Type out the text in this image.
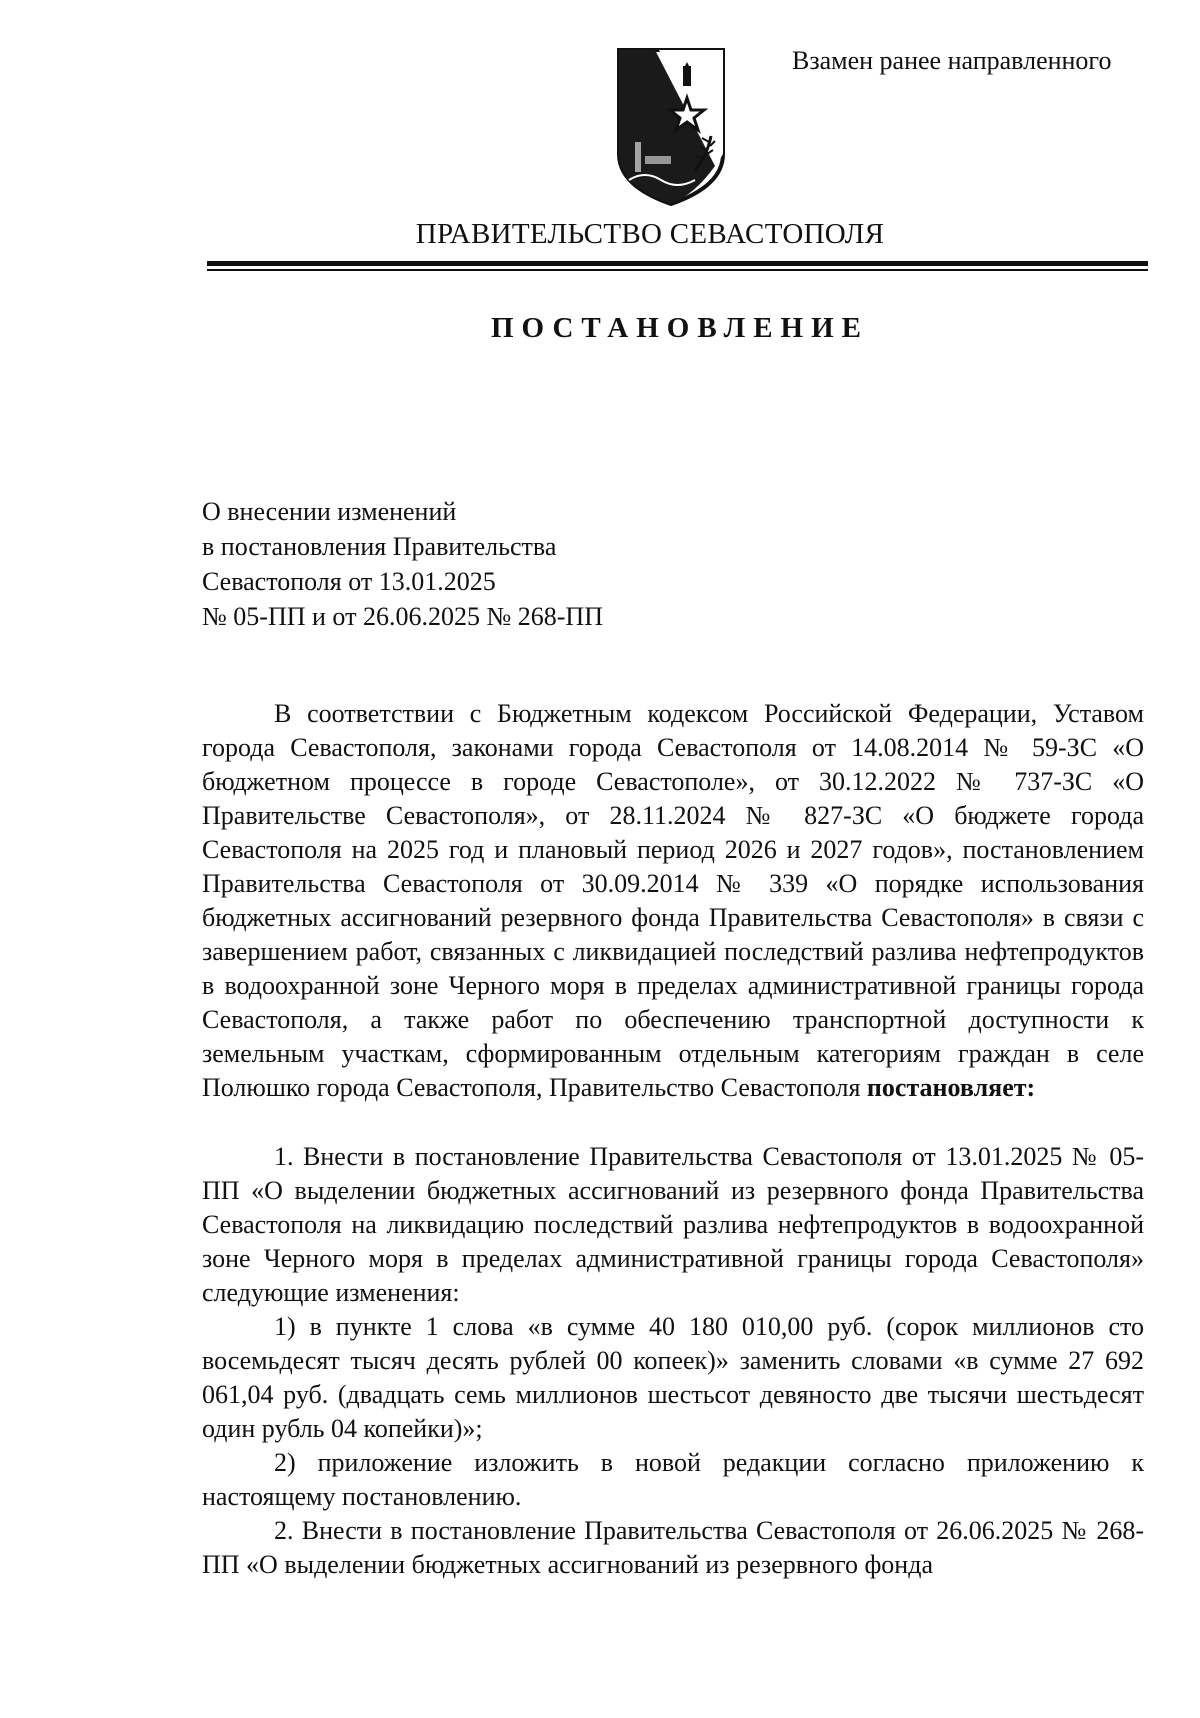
Взамен ранее направленного
ПРАВИТЕЛЬСТВО СЕВАСТОПОЛЯ
ПОСТАНОВЛЕНИЕ
О внесении изменений
в постановления Правительства
Севастополя от 13.01.2025
№ 05-ПП и от 26.06.2025 № 268-ПП

В соответствии с Бюджетным кодексом Российской Федерации, Уставом города Севастополя, законами города Севастополя от 14.08.2014 № 59-ЗС «О бюджетном процессе в городе Севастополе», от 30.12.2022 № 737-ЗС «О Правительстве Севастополя», от 28.11.2024 № 827-ЗС «О бюджете города Севастополя на 2025 год и плановый период 2026 и 2027 годов», постановлением Правительства Севастополя от 30.09.2014 № 339 «О порядке использования бюджетных ассигнований резервного фонда Правительства Севастополя» в связи с завершением работ, связанных с ликвидацией последствий разлива нефтепродуктов в водоохранной зоне Черного моря в пределах административной границы города Севастополя, а также работ по обеспечению транспортной доступности к земельным участкам, сформированным отдельным категориям граждан в селе Полюшко города Севастополя, Правительство Севастополя постановляет:

1. Внести в постановление Правительства Севастополя от 13.01.2025 № 05-ПП «О выделении бюджетных ассигнований из резервного фонда Правительства Севастополя на ликвидацию последствий разлива нефтепродуктов в водоохранной зоне Черного моря в пределах административной границы города Севастополя» следующие изменения:

1) в пункте 1 слова «в сумме 40 180 010,00 руб. (сорок миллионов сто восемьдесят тысяч десять рублей 00 копеек)» заменить словами «в сумме 27 692 061,04 руб. (двадцать семь миллионов шестьсот девяносто две тысячи шестьдесят один рубль 04 копейки)»;

2) приложение изложить в новой редакции согласно приложению к настоящему постановлению.

2. Внести в постановление Правительства Севастополя от 26.06.2025 № 268-ПП «О выделении бюджетных ассигнований из резервного фонда
